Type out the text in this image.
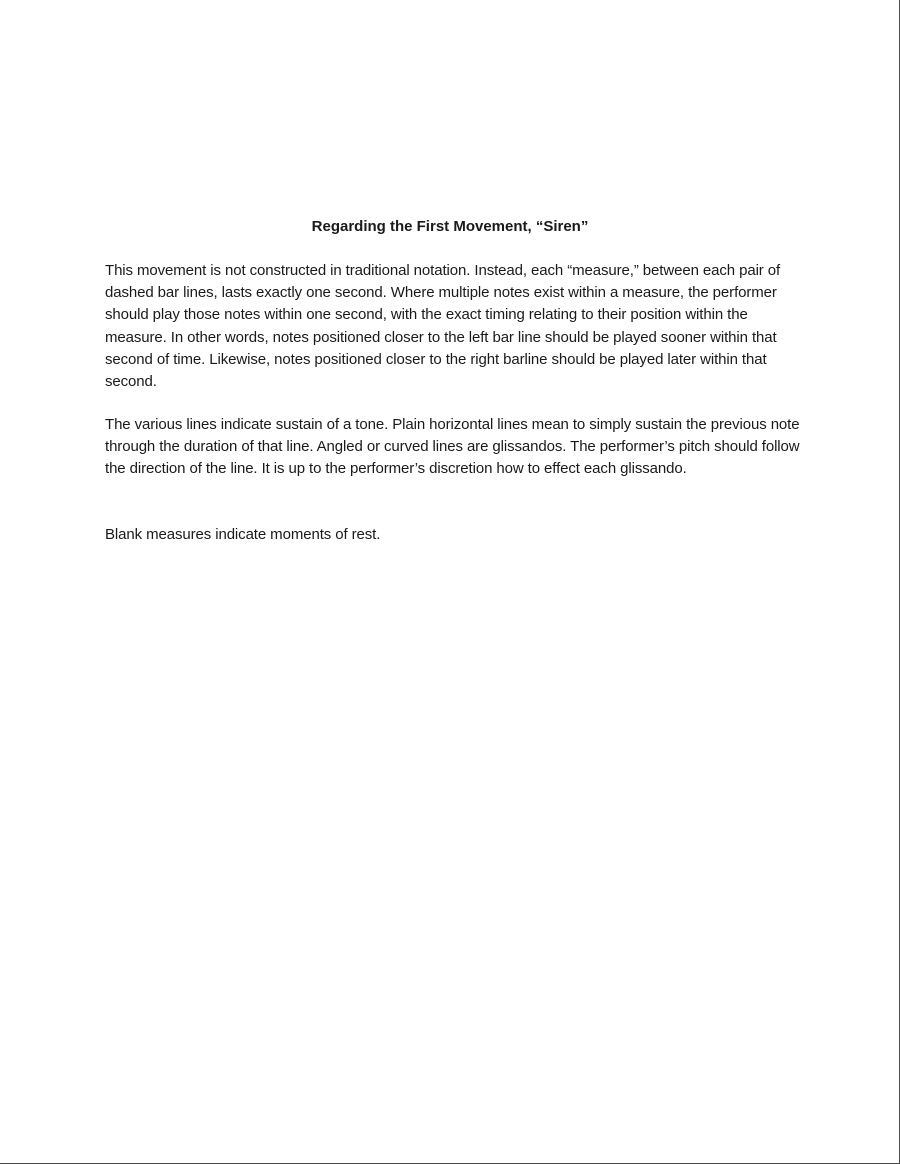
Regarding the First Movement, “Siren”

This movement is not constructed in traditional notation. Instead, each “measure,” between each pair of dashed bar lines, lasts exactly one second. Where multiple notes exist within a measure, the performer should play those notes within one second, with the exact timing relating to their position within the measure. In other words, notes positioned closer to the left bar line should be played sooner within that second of time. Likewise, notes positioned closer to the right barline should be played later within that second.

The various lines indicate sustain of a tone. Plain horizontal lines mean to simply sustain the previous note through the duration of that line. Angled or curved lines are glissandos. The performer’s pitch should follow the direction of the line. It is up to the performer’s discretion how to effect each glissando.

Blank measures indicate moments of rest.
